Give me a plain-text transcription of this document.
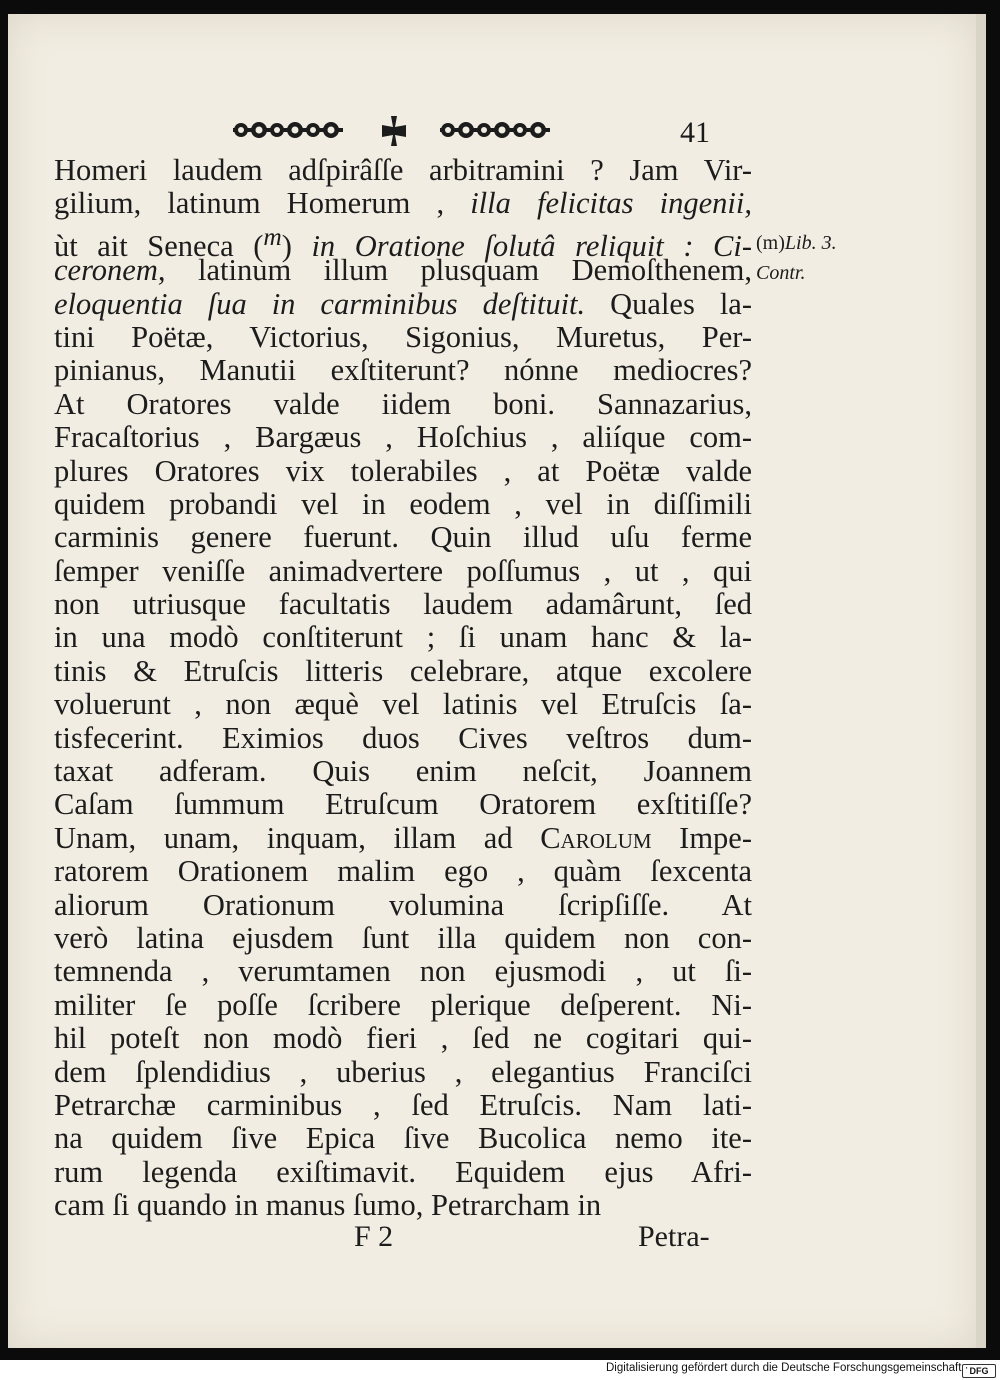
41
Homeri laudem adſpirâſſe arbitramini ? Jam Vir-
gilium, latinum Homerum , illa felicitas ingenii,
ùt ait Seneca ($^m$) in Oratione ſolutâ reliquit : Ci-
ceronem, latinum illum plusquam Demoſthenem,
eloquentia ſua in carminibus deſtituit. Quales la-
tini Poëtæ, Victorius, Sigonius, Muretus, Per-
pinianus, Manutii exſtiterunt? nónne mediocres?
At Oratores valde iidem boni. Sannazarius,
Fracaſtorius , Bargæus , Hoſchius , aliíque com-
plures Oratores vix tolerabiles , at Poëtæ valde
quidem probandi vel in eodem , vel in diſſimili
carminis genere fuerunt. Quin illud uſu ferme
ſemper veniſſe animadvertere poſſumus , ut , qui
non utriusque facultatis laudem adamârunt, ſed
in una modò conſtiterunt ; ſi unam hanc & la-
tinis & Etruſcis litteris celebrare, atque excolere
voluerunt , non æquè vel latinis vel Etruſcis ſa-
tisfecerint. Eximios duos Cives veſtros dum-
taxat adferam. Quis enim neſcit, Joannem
Caſam ſummum Etruſcum Oratorem exſtitiſſe?
Unam, unam, inquam, illam ad Carolum Impe-
ratorem Orationem malim ego , quàm ſexcenta
aliorum Orationum volumina ſcripſiſſe. At
verò latina ejusdem ſunt illa quidem non con-
temnenda , verumtamen non ejusmodi , ut ſi-
militer ſe poſſe ſcribere plerique deſperent. Ni-
hil poteſt non modò fieri , ſed ne cogitari qui-
dem ſplendidius , uberius , elegantius Franciſci
Petrarchæ carminibus , ſed Etruſcis. Nam lati-
na quidem ſive Epica ſive Bucolica nemo ite-
rum legenda exiſtimavit. Equidem ejus Afri-
cam ſi quando in manus ſumo, Petrarcham in
(m)Lib. 3.
Contr.
F 2	Petra-
Digitalisierung gefördert durch die Deutsche Forschungsgemeinschaft · DFG
